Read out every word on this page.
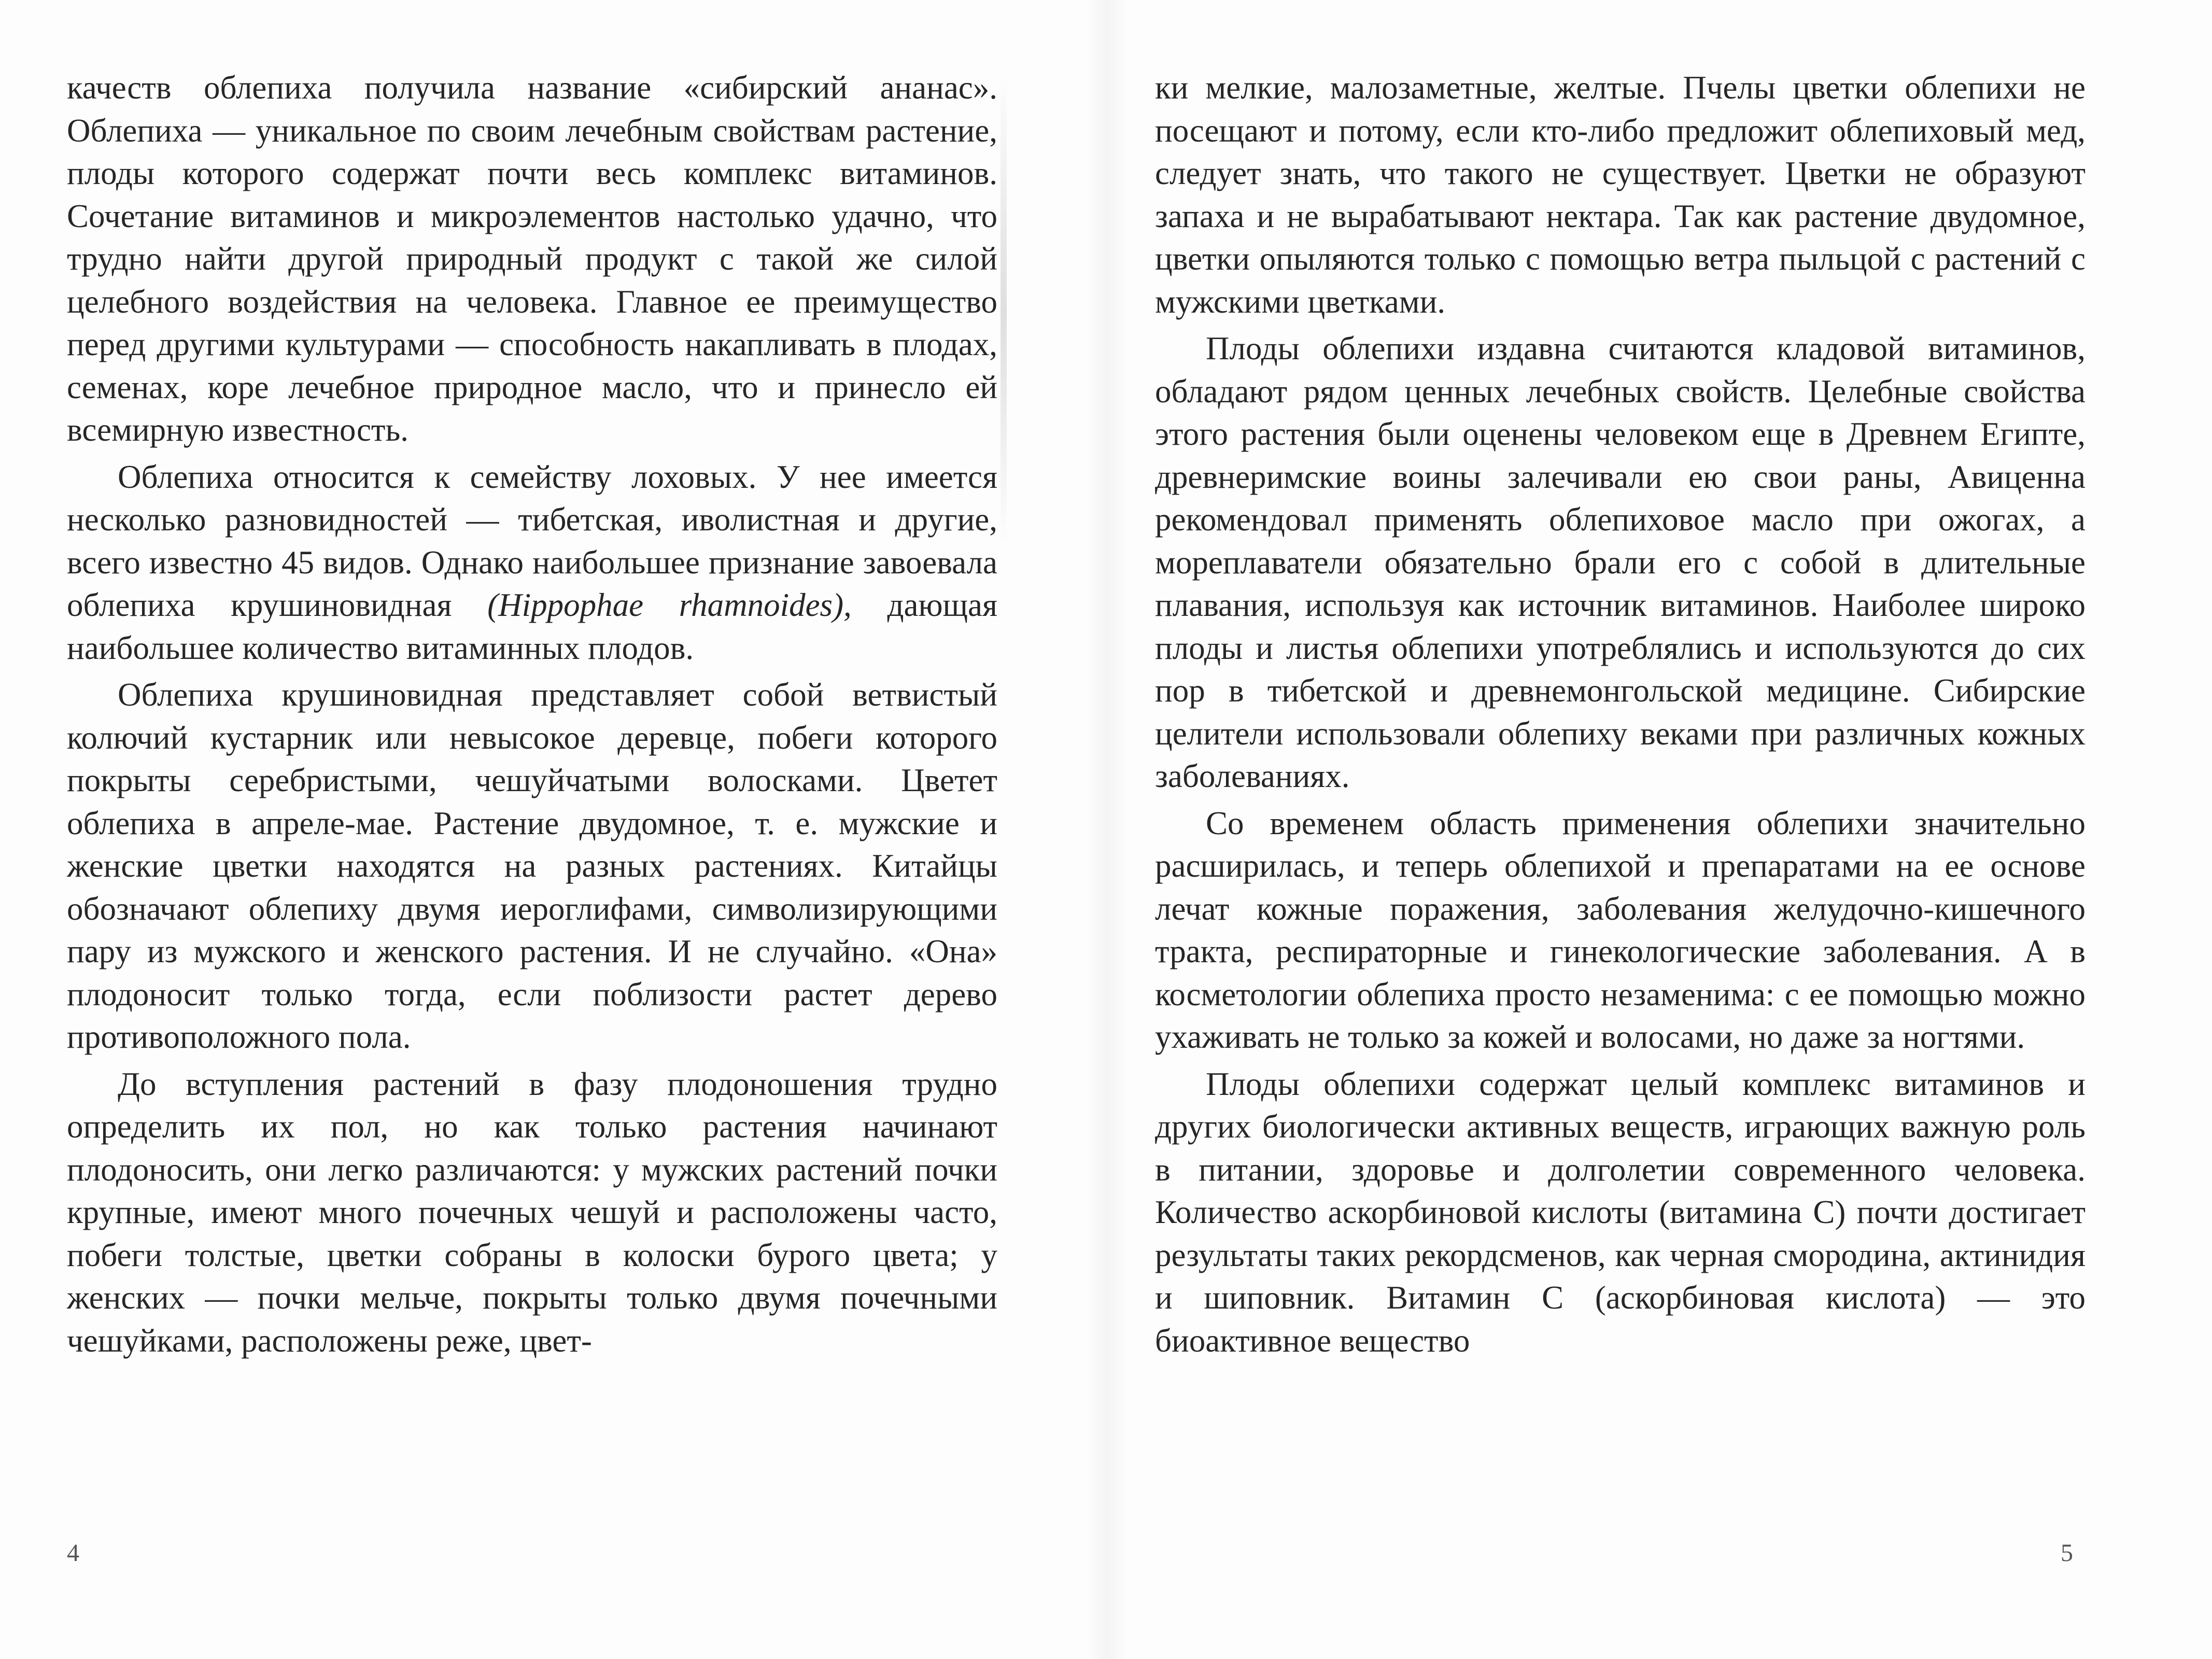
качеств облепиха получила название «сибирский ананас». Облепиха — уникальное по своим лечебным свойствам растение, плоды которого содержат почти весь комплекс витаминов. Сочетание витаминов и микроэлементов настолько удачно, что трудно найти другой природный продукт с такой же силой целебного воздействия на человека. Главное ее преимущество перед другими культурами — способность накапливать в плодах, семенах, коре лечебное природное масло, что и принесло ей всемирную известность.

Облепиха относится к семейству лоховых. У нее имеется несколько разновидностей — тибетская, иволистная и другие, всего известно 45 видов. Однако наибольшее признание завоевала облепиха крушиновидная (Hippophae rhamnoides), дающая наибольшее количество витаминных плодов.

Облепиха крушиновидная представляет собой ветвистый колючий кустарник или невысокое деревце, побеги которого покрыты серебристыми, чешуйчатыми волосками. Цветет облепиха в апреле-мае. Растение двудомное, т. е. мужские и женские цветки находятся на разных растениях. Китайцы обозначают облепиху двумя иероглифами, символизирующими пару из мужского и женского растения. И не случайно. «Она» плодоносит только тогда, если поблизости растет дерево противоположного пола.

До вступления растений в фазу плодоношения трудно определить их пол, но как только растения начинают плодоносить, они легко различаются: у мужских растений почки крупные, имеют много почечных чешуй и расположены часто, побеги толстые, цветки собраны в колоски бурого цвета; у женских — почки мельче, покрыты только двумя почечными чешуйками, расположены реже, цвет-

ки мелкие, малозаметные, желтые. Пчелы цветки облепихи не посещают и потому, если кто-либо предложит облепиховый мед, следует знать, что такого не существует. Цветки не образуют запаха и не вырабатывают нектара. Так как растение двудомное, цветки опыляются только с помощью ветра пыльцой с растений с мужскими цветками.

Плоды облепихи издавна считаются кладовой витаминов, обладают рядом ценных лечебных свойств. Целебные свойства этого растения были оценены человеком еще в Древнем Египте, древнеримские воины залечивали ею свои раны, Авиценна рекомендовал применять облепиховое масло при ожогах, а мореплаватели обязательно брали его с собой в длительные плавания, используя как источник витаминов. Наиболее широко плоды и листья облепихи употреблялись и используются до сих пор в тибетской и древнемонгольской медицине. Сибирские целители использовали облепиху веками при различных кожных заболеваниях.

Со временем область применения облепихи значительно расширилась, и теперь облепихой и препаратами на ее основе лечат кожные поражения, заболевания желудочно-кишечного тракта, респираторные и гинекологические заболевания. А в косметологии облепиха просто незаменима: с ее помощью можно ухаживать не только за кожей и волосами, но даже за ногтями.

Плоды облепихи содержат целый комплекс витаминов и других биологически активных веществ, играющих важную роль в питании, здоровье и долголетии современного человека. Количество аскорбиновой кислоты (витамина С) почти достигает результаты таких рекордсменов, как черная смородина, актинидия и шиповник. Витамин С (аскорбиновая кислота) — это биоактивное вещество

4	5
